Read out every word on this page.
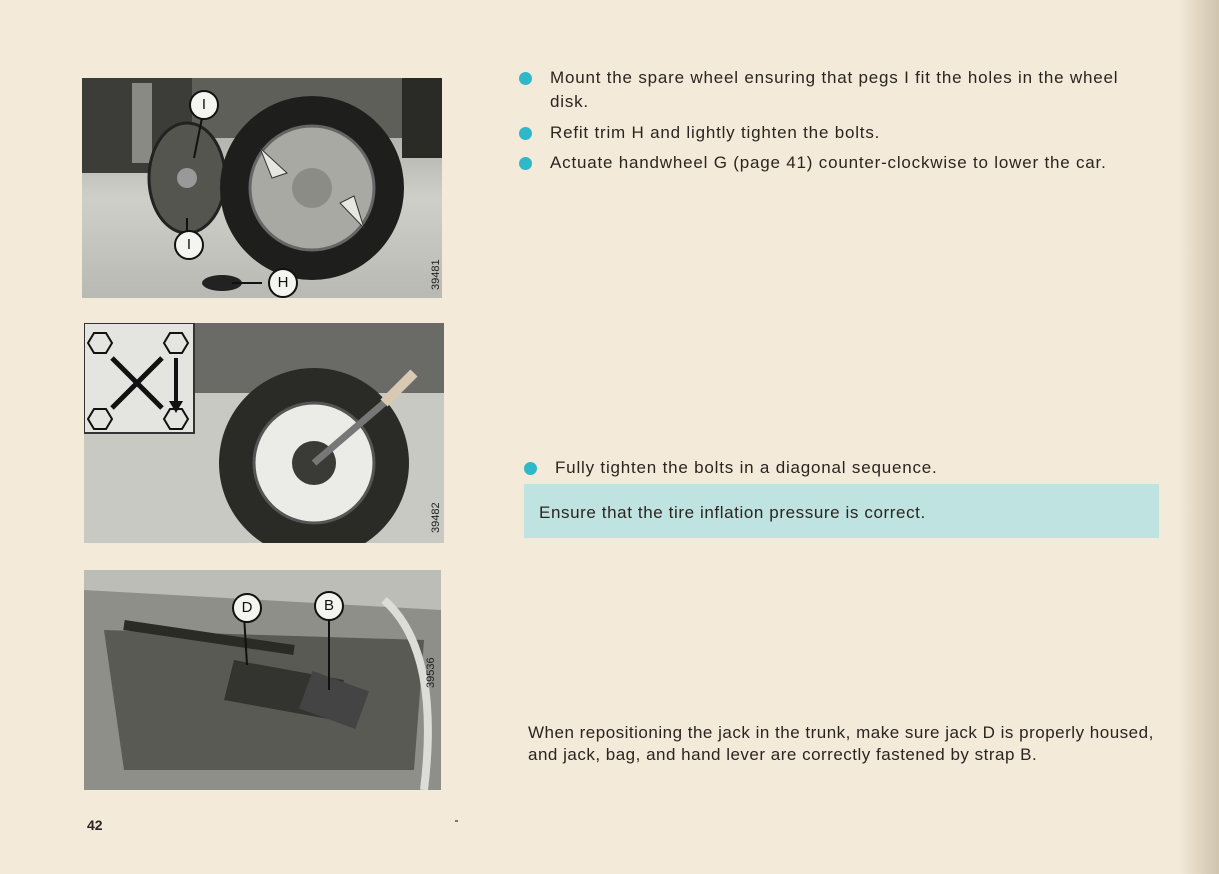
I
I
H	39481
39482
D	B
39536
Mount the spare wheel ensuring that pegs I fit the holes in the wheel disk.
Refit trim H and lightly tighten the bolts.
Actuate handwheel G (page 41) counter-clockwise to lower the car.
Fully tighten the bolts in a diagonal sequence.
Ensure that the tire inflation pressure is correct.
When repositioning the jack in the trunk, make sure jack D is properly housed, and jack, bag, and hand lever are correctly fastened by strap B.
42
